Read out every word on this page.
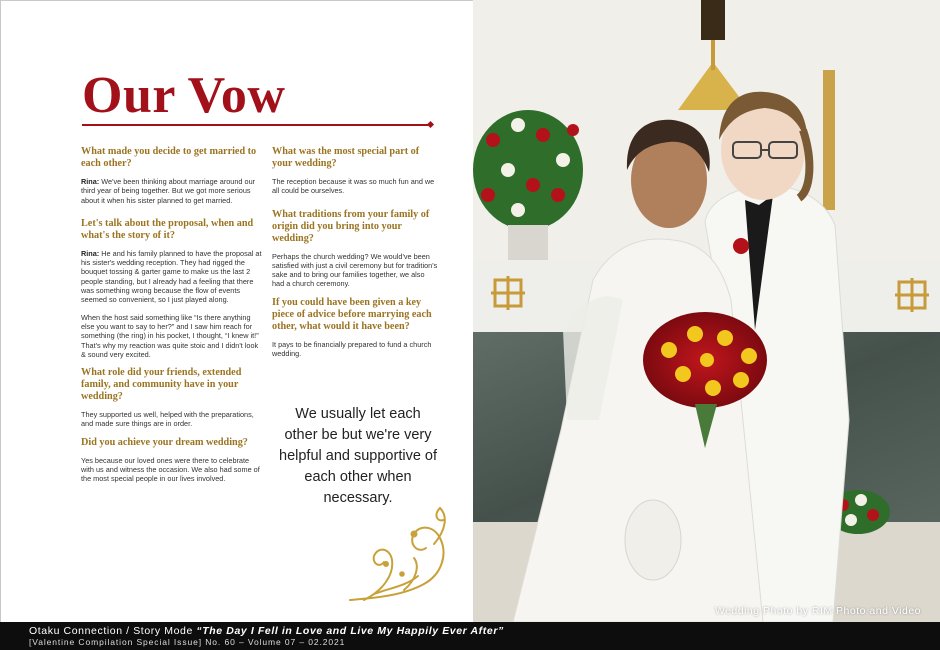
Our Vow

What made you decide to get married to each other?

Rina: We've been thinking about marriage around our third year of being together. But we got more serious about it when his sister planned to get married.

Let's talk about the proposal, when and what's the story of it?

Rina: He and his family planned to have the proposal at his sister's wedding reception. They had rigged the bouquet tossing & garter game to make us the last 2 people standing, but I already had a feeling that there was something wrong because the flow of events seemed so convenient, so I just played along.

When the host said something like “Is there anything else you want to say to her?” and I saw him reach for something (the ring) in his pocket, I thought, “I knew it!” That's why my reaction was quite stoic and I didn't look & sound very excited.

What role did your friends, extended family, and community have in your wedding?

They supported us well, helped with the preparations, and made sure things are in order.

Did you achieve your dream wedding?

Yes because our loved ones were there to celebrate with us and witness the occasion. We also had some of the most special people in our lives involved.

What was the most special part of your wedding?

The reception because it was so much fun and we all could be ourselves.

What traditions from your family of origin did you bring into your wedding?

Perhaps the church wedding? We would've been satisfied with just a civil ceremony but for tradition's sake and to bring our families together, we also had a church ceremony.

If you could have been given a key piece of advice before marrying each other, what would it have been?

It pays to be financially prepared to fund a church wedding.

We usually let each other be but we're very helpful and supportive of each other when necessary.
Wedding Photo by RIM Photo and Video
Otaku Connection / Story Mode “The Day I Fell in Love and Live My Happily Ever After”
[Valentine Compilation Special Issue] No. 60 – Volume 07 – 02.2021
